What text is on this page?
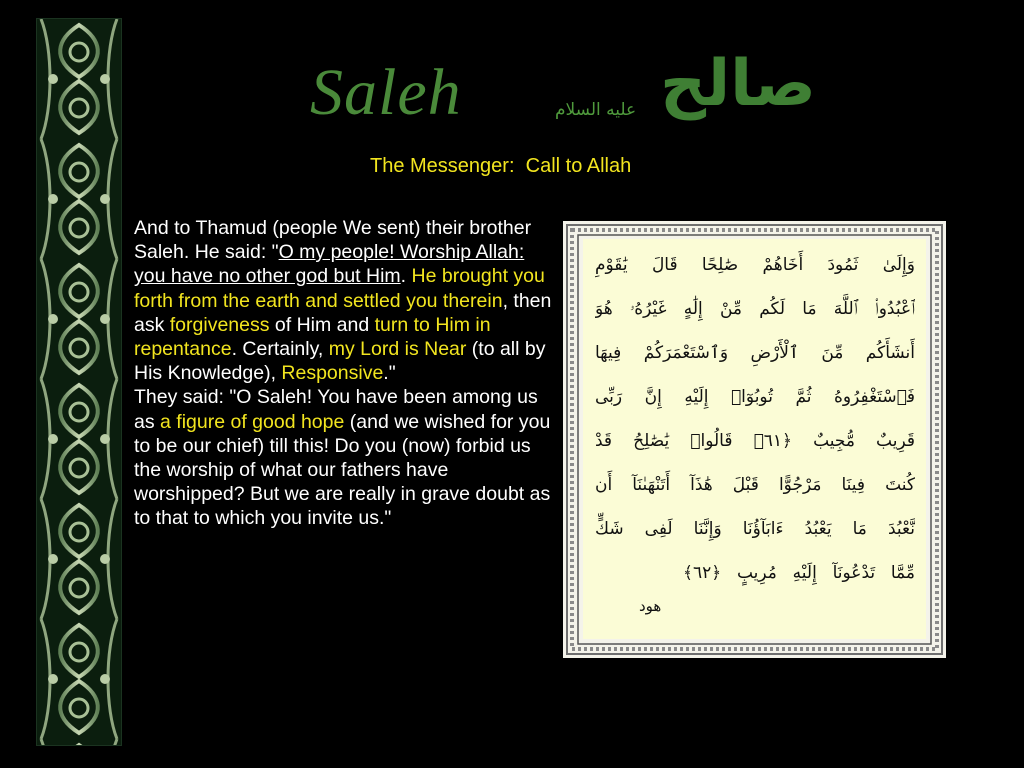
Saleh	عليه السلام صالح
The Messenger:  Call to Allah
And to Thamud (people We sent) their brother Saleh. He said: "O my people! Worship Allah: you have no other god but Him. He brought you forth from the earth and settled you therein, then ask forgiveness of Him and turn to Him in repentance. Certainly, my Lord is Near (to all by His Knowledge), Responsive."
They said: "O Saleh! You have been among us as a figure of good hope (and we wished for you to be our chief) till this! Do you (now) forbid us the worship of what our fathers have worshipped? But we are really in grave doubt as to that to which you invite us."
وَإِلَىٰ ثَمُودَ أَخَاهُمْ صَٰلِحًا قَالَ يَٰقَوْمِ
ٱعْبُدُوا۟ ٱللَّهَ مَا لَكُم مِّنْ إِلَٰهٍ غَيْرُهُۥ هُوَ
أَنشَأَكُم مِّنَ ٱلْأَرْضِ وَٱسْتَعْمَرَكُمْ فِيهَا
فَٱسْتَغْفِرُوهُ ثُمَّ تُوبُوٓا۟ إِلَيْهِ إِنَّ رَبِّى
قَرِيبٌ مُّجِيبٌ ﴿٦١﴾ قَالُوا۟ يَٰصَٰلِحُ قَدْ
كُنتَ فِينَا مَرْجُوًّا قَبْلَ هَٰذَآ أَتَنْهَىٰنَآ أَن
نَّعْبُدَ مَا يَعْبُدُ ءَابَآؤُنَا وَإِنَّنَا لَفِى شَكٍّ
مِّمَّا تَدْعُونَآ إِلَيْهِ مُرِيبٍ ﴿٦٢﴾
هود
